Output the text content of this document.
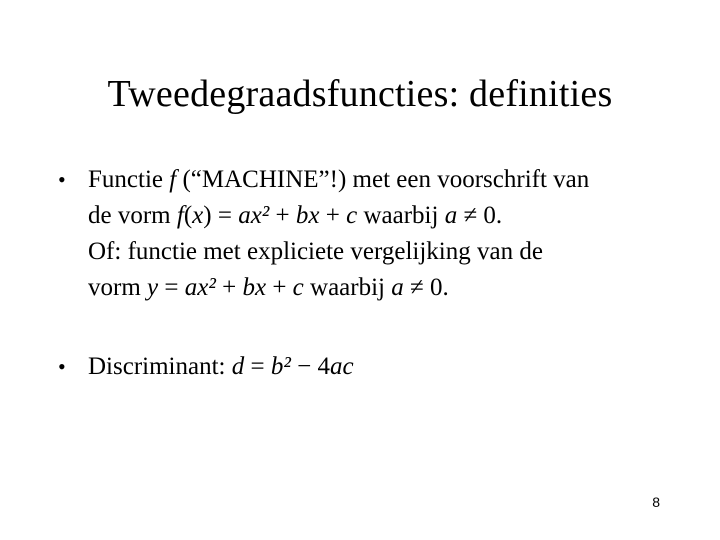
Tweedegraadsfuncties: definities
• Functie f (“MACHINE”!) met een voorschrift van
de vorm f(x) = ax² + bx + c waarbij a ≠ 0.
Of: functie met expliciete vergelijking van de
vorm y = ax² + bx + c waarbij a ≠ 0.
• Discriminant: d = b² − 4ac
8
